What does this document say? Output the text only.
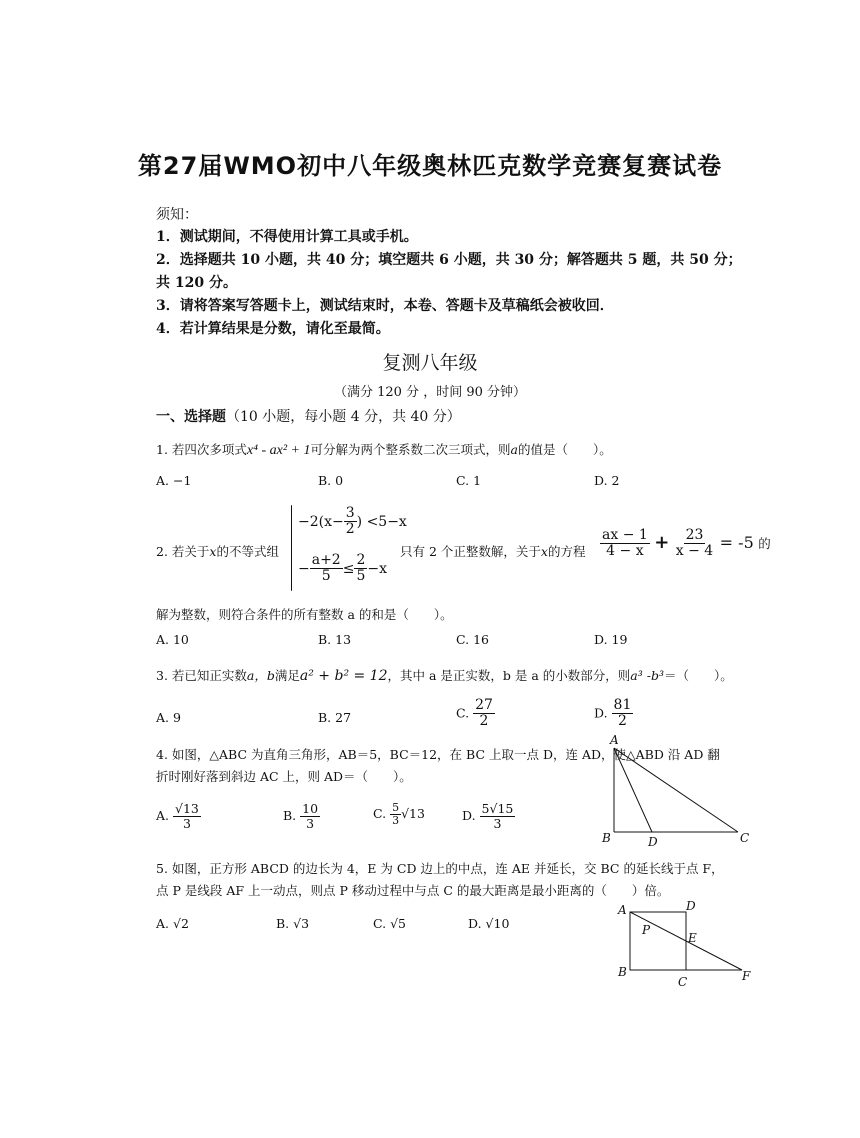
第27届WMO初中八年级奥林匹克数学竞赛复赛试卷
须知：
1．测试期间，不得使用计算工具或手机。
2．选择题共 10 小题，共 40 分；填空题共 6 小题，共 30 分；解答题共 5 题，共 50 分；
共 120 分。
3．请将答案写答题卡上，测试结束时，本卷、答题卡及草稿纸会被收回．
4．若计算结果是分数，请化至最简。
复测八年级
（满分 120 分 ，时间 90 分钟）
一、选择题（10 小题，每小题 4 分，共 40 分）
1. 若四次多项式x⁴ - ax² + 1可分解为两个整系数二次三项式，则a的值是（　　）。
A. −1	B. 0	C. 1	D. 2
2. 若关于x的不等式组
$-2(x- \frac{3}{2}$ ) <5−x
− $\frac{a+2}{5} \le \frac{2}{5} -x$
只有 2 个正整数解，关于x的方程 $\frac{ax - 1}{4 - x} + \frac{23}{x - 4} = -5$ 的
解为整数，则符合条件的所有整数 a 的和是（　　）。
A. 10	B. 13	C. 16	D. 19
3. 若已知正实数a，b满足a² + b² = 12，其中 a 是正实数，b 是 a 的小数部分，则a³ -b³＝（　　）。
A. 9	B. 27	C. $\frac{27}{2}$	D. $\frac{81}{2}$
4. 如图，△ABC 为直角三角形，AB＝5，BC＝12，在 BC 上取一点 D，连 AD，使△ABD 沿 AD 翻
折时刚好落到斜边 AC 上，则 AD＝（　　）。
A. $\frac{√13}{3}$	B. $\frac{10}{3}$	C. $\frac{5}{3} √13$	D. $\frac{5√15}{3}$
A
B	D	C
5. 如图，正方形 ABCD 的边长为 4，E 为 CD 边上的中点，连 AE 并延长，交 BC 的延长线于点 F，
点 P 是线段 AF 上一动点，则点 P 移动过程中与点 C 的最大距离是最小距离的（　　）倍。
A. √2	B. √3	C. √5	D. √10
A	D
P
E
B
C	F
